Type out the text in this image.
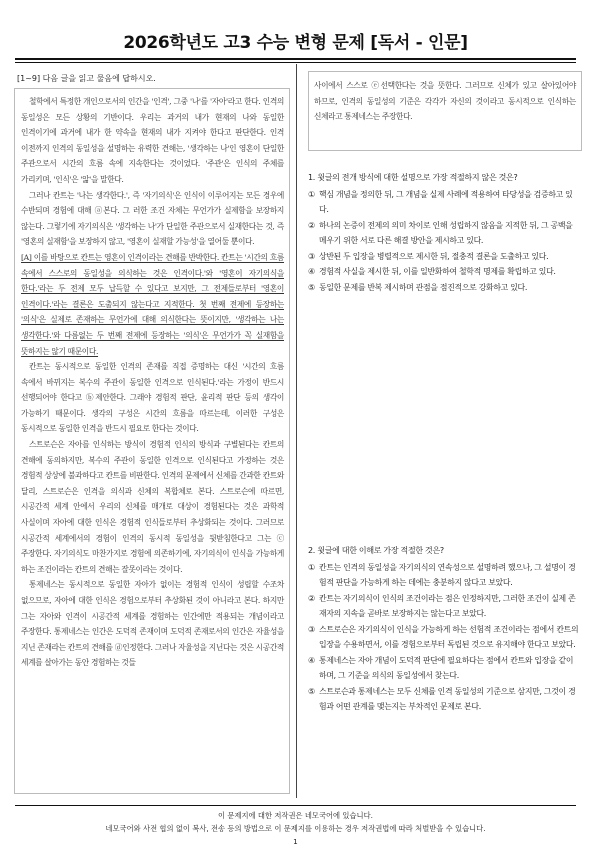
2026학년도 고3 수능 변형 문제 [독서 - 인문]
[1~9] 다음 글을 읽고 물음에 답하시오.

철학에서 특정한 개인으로서의 인간을 '인격', 그중 '나'를 '자아'라고 한다. 인격의 동일성은 모든 상황의 기반이다. 우리는 과거의 내가 현재의 나와 동일한 인격이기에 과거에 내가 한 약속을 현재의 내가 지켜야 한다고 판단한다. 인격 이전까지 인격의 동일성을 설명하는 유력한 견해는, '생각하는 나'인 영혼이 단일한 주관으로서 시간의 흐름 속에 지속한다는 것이었다. '주관'은 인식의 주체를 가리키며, '인식'은 '앎'을 말한다.

그러나 칸트는 '나는 생각한다.', 즉 '자기의식'은 인식이 이루어지는 모든 경우에 수반되며 경험에 대해 ⓐ본다. 그 러한 조건 자체는 무언가가 실제함을 보장하지 않는다. 그렇기에 자기의식은 '생각하는 나'가 단일한 주관으로서 실재한다는 것, 즉 '영혼의 실재함'을 보장하지 않고, '영혼이 실재할 가능성'을 열어둘 뿐이다.

[A] 이를 바탕으로 칸트는 영혼이 인격이라는 견해를 반박한다. 칸트는 '시간의 흐름 속에서 스스로의 동일성을 의식하는 것은 인격이다.'와 '영혼이 자기의식을 한다.'라는 두 전제 모두 납득할 수 있다고 보지만, 그 전제들로부터 '영혼이 인격이다.'라는 결론은 도출되지 않는다고 지적한다. 첫 번째 전제에 등장하는 '의식'은 실제로 존재하는 무언가에 대해 의식한다는 뜻이지만, '생각하는 나는 생각한다.'와 다름없는 두 번째 전제에 등장하는 '의식'은 무언가가 꼭 실재함을 뜻하지는 않기 때문이다.

칸트는 동시적으로 동일한 인격의 존재를 직접 증명하는 대신 '시간의 흐름 속에서 바뀌지는 복수의 주관이 동일한 인격으로 인식된다.'라는 가정이 반드시 선행되어야 한다고 ⓑ제안한다. 그래야 경험적 판단, 윤리적 판단 등의 생각이 가능하기 때문이다. 생각의 구성은 시간의 흐름을 따르는데, 이러한 구성은 동시적으로 동일한 인격을 반드시 필요로 한다는 것이다.

스트로슨은 자아를 인식하는 방식이 경험적 인식의 방식과 구별된다는 칸트의 견해에 동의하지만, 복수의 주관이 동일한 인격으로 인식된다고 가정하는 것은 경험적 상상에 불과하다고 칸트를 비판한다. 인격의 문제에서 신체를 간과한 칸트와 달리, 스트로슨은 인격을 의식과 신체의 복합체로 본다. 스트로슨에 따르면, 시공간적 세계 안에서 우리의 신체를 매개로 대상이 경험된다는 것은 과학적 사실이며 자아에 대한 인식은 경험적 인식들로부터 추상화되는 것이다. 그러므로 시공간적 세계에서의 경험이 인격의 동시적 동일성을 뒷받침한다고 그는 ⓒ주장한다. 자기의식도 마찬가지로 경험에 의존하기에, 자기의식이 인식을 가능하게 하는 조건이라는 칸트의 견해는 잘못이라는 것이다.

통제네스는 동시적으로 동일한 자아가 없이는 경험적 인식이 성립할 수조차 없으므로, 자아에 대한 인식은 경험으로부터 추상화된 것이 아니라고 본다. 하지만 그는 자아와 인격이 시공간적 세계를 경험하는 인간에만 적용되는 개념이라고 주장한다. 통제네스는 인간은 도덕적 존재이며 도덕적 존재로서의 인간은 자율성을 지닌 존재라는 칸트의 견해를 ⓓ인정한다. 그러나 자율성을 지닌다는 것은 시공간적 세계를 살아가는 동안 경험하는 것들

사이에서 스스로 ⓔ선택한다는 것을 뜻한다. 그러므로 신체가 있고 살아있어야 하므로, 인격의 동일성의 기준은 각각가 자신의 것이라고 동시적으로 인식하는 신체라고 통제네스는 주장한다.

1. 윗글의 전개 방식에 대한 설명으로 가장 적절하지 않은 것은?
① 핵심 개념을 정의한 뒤, 그 개념을 실제 사례에 적용하여 타당성을 검증하고 있다.
② 하나의 논증이 전제의 의미 차이로 인해 성립하지 않음을 지적한 뒤, 그 공백을 메우기 위한 서로 다른 해결 방안을 제시하고 있다.
③ 상반된 두 입장을 병렬적으로 제시한 뒤, 절충적 결론을 도출하고 있다.
④ 경험적 사실을 제시한 뒤, 이를 일반화하여 철학적 명제를 확립하고 있다.
⑤ 동일한 문제를 반복 제시하며 관점을 점진적으로 강화하고 있다.
2. 윗글에 대한 이해로 가장 적절한 것은?
① 칸트는 인격의 동일성을 자기의식의 연속성으로 설명하려 했으나, 그 설명이 경험적 판단을 가능하게 하는 데에는 충분하지 않다고 보았다.
② 칸트는 자기의식이 인식의 조건이라는 점은 인정하지만, 그러한 조건이 실제 존재자의 지속을 곧바로 보장하지는 않는다고 보았다.
③ 스트로슨은 자기의식이 인식을 가능하게 하는 선험적 조건이라는 점에서 칸트의 입장을 수용하면서, 이를 경험으로부터 독립된 것으로 유지해야 한다고 보았다.
④ 통제네스는 자아 개념이 도덕적 판단에 필요하다는 점에서 칸트와 입장을 같이하며, 그 기준을 의식의 동일성에서 찾는다.
⑤ 스트로슨과 통제네스는 모두 신체를 인격 동일성의 기준으로 삼지만, 그것이 경험과 어떤 관계를 맺는지는 부차적인 문제로 본다.
이 문제지에 대한 저작권은 네모국어에 있습니다.
네모국어와 사전 협의 없이 복사, 전송 등의 방법으로 이 문제지를 이용하는 경우 저작권법에 따라 처벌받을 수 있습니다.
1
